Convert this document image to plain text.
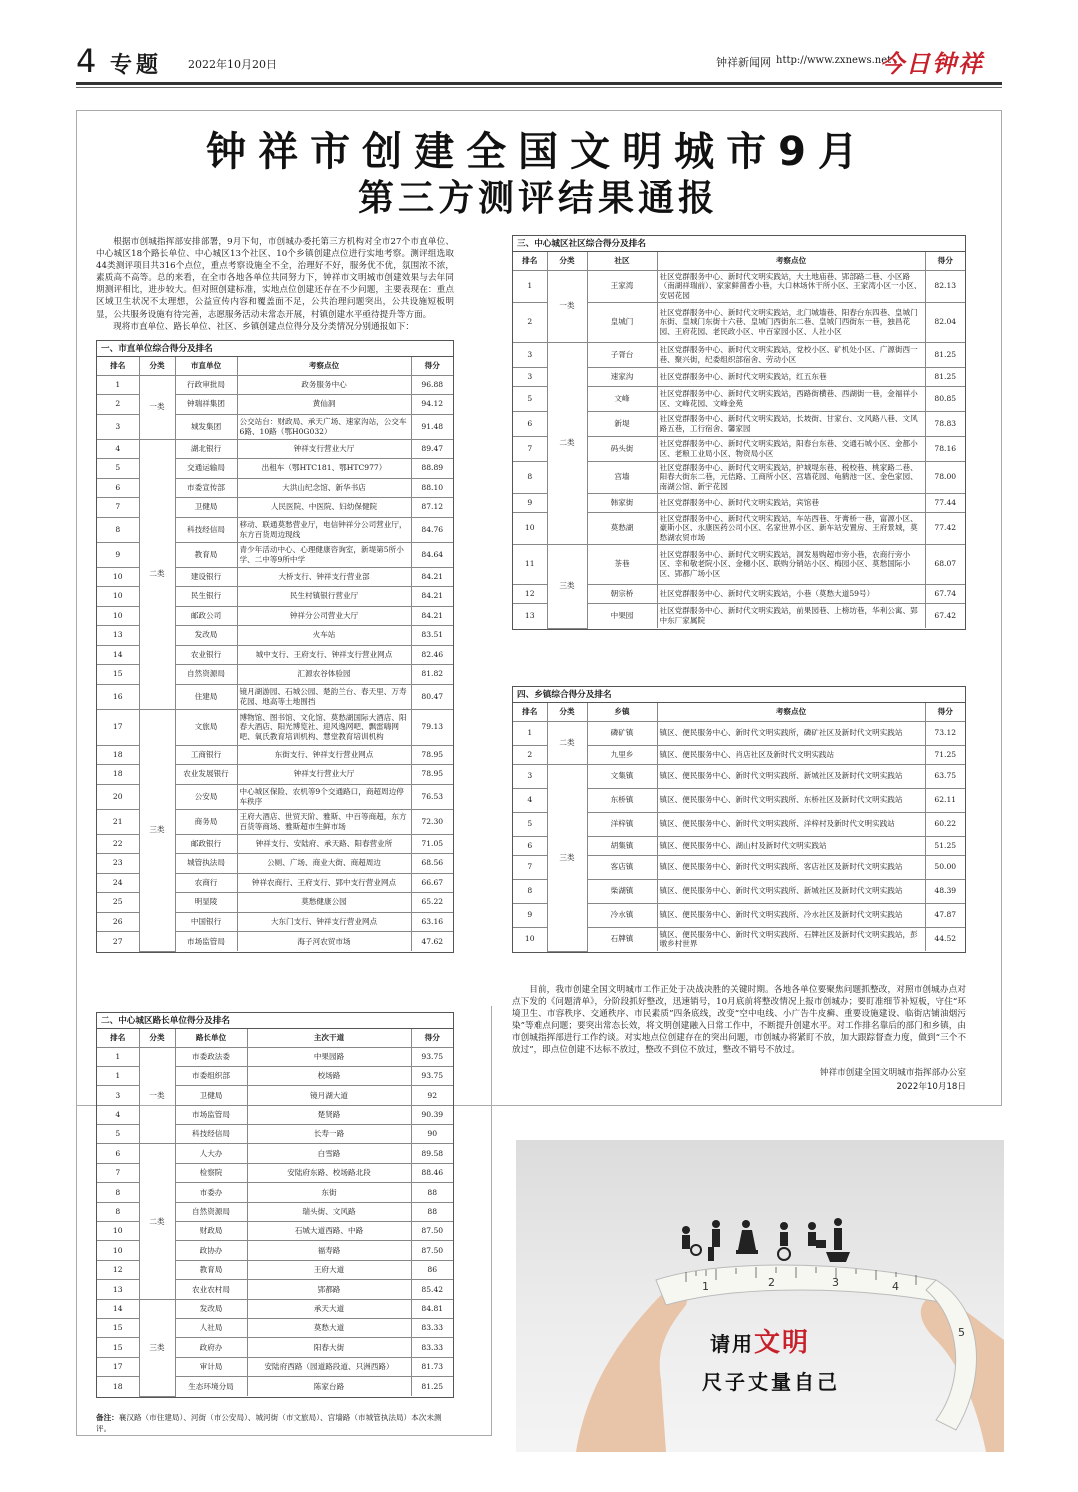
4 专题 2022年10月20日	钟祥新闻网 http://www.zxnews.net
今日钟祥
钟祥市创建全国文明城市9月
第三方测评结果通报

根据市创城指挥部安排部署，9月下旬，市创城办委托第三方机构对全市27个市直单位、中心城区18个路长单位、中心城区13个社区、10个乡镇创建点位进行实地考察。测评组选取44类测评项目共316个点位，重点考察设施全不全，治理好不好，服务优不优，氛围浓不浓，素质高不高等。总的来看，在全市各地各单位共同努力下，钟祥市文明城市创建效果与去年同期测评相比，进步较大。但对照创建标准，实地点位创建还存在不少问题，主要表现在：重点区域卫生状况不太理想，公益宣传内容和覆盖面不足，公共治理问题突出，公共设施短板明显，公共服务设施有待完善，志愿服务活动未常态开展，村镇创建水平亟待提升等方面。

现将市直单位、路长单位、社区、乡镇创建点位得分及分类情况分别通报如下：

一、市直单位综合得分及排名
排名	分类	市直单位	考察点位	得分
1	一类	行政审批局	政务服务中心	96.88
2		钟瑞祥集团	黄仙洞	94.12
3		城发集团	公交站台：财政局、承天广场、速家沟站，公交车6路、10路（鄂H0G032）	91.48
4	二类	湖北银行	钟祥支行营业大厅	89.47
5		交通运输局	出租车（鄂HTC181、鄂HTC977）	88.89
6		市委宣传部	大洪山纪念馆、新华书店	88.10
7		卫健局	人民医院、中医院、妇幼保健院	87.12
8		科技经信局	移动、联通莫愁营业厅，电信钟祥分公司营业厅，东方百货周边现线	84.76
9		教育局	青少年活动中心、心理健康咨询室，新堤第5所小学、二中等9所中学	84.64
10		建设银行	大桥支行、钟祥支行营业部	84.21
10		民生银行	民生村镇银行营业厅	84.21
10		邮政公司	钟祥分公司营业大厅	84.21
13		发改局	火车站	83.51
14		农业银行	城中支行、王府支行、钟祥支行营业网点	82.46
15		自然资源局	汇源农谷体验园	81.82
16		住建局	镜月湖游园、石城公园、楚韵兰台、春天里、万寿花园、地高等土地围挡	80.47
17	三类	文旅局	博物馆、图书馆、文化馆、莫愁湖国际大酒店、阳春大酒店、阳光博览社、迎风逸网吧、飘雷嗨网吧、氧氏教育培训机构、慧堂教育培训机构	79.13
18		工商银行	东街支行、钟祥支行营业网点	78.95
18		农业发展银行	钟祥支行营业大厅	78.95
20		公安局	中心城区保险、农机等9个交通路口，商超周边停车秩序	76.53
21		商务局	王府大酒店、世贸天阶、雅斯、中百等商超，东方百货等商场、雅斯超市生鲜市场	72.30
22		邮政银行	钟祥支行、安陆府、承天路、阳春营业所	71.05
23		城管执法局	公厕、广场、商业大街、商超周边	68.56
24		农商行	钟祥农商行、王府支行、郢中支行营业网点	66.67
25		明显陵	莫愁健康公园	65.22
26		中国银行	大东门支行、钟祥支行营业网点	63.16
27		市场监管局	海子河农贸市场	47.62
二、中心城区路长单位得分及排名
排名	分类	路长单位	主次干道	得分
1	一类	市委政法委	中果园路	93.75
1		市委组织部	校场路	93.75
3		卫健局	镜月湖大道	92
4		市场监管局	楚贤路	90.39
5		科技经信局	长寿一路	90
6	二类	人大办	白雪路	89.58
7		检察院	安陆府东路、校场路北段	88.46
8		市委办	东街	88
8		自然资源局	瑞头街、文风路	88
10		财政局	石城大道西路、中路	87.50
10		政协办	福寿路	87.50
12		教育局	王府大道	86
13		农业农村局	郢都路	85.42
14	三类	发改局	承天大道	84.81
15		人社局	莫愁大道	83.33
15		政府办	阳春大街	83.33
17		审计局	安陆府西路（园道路段道、只洲西路）	81.73
18		生态环境分局	陈家台路	81.25
备注：襄汉路（市住建局）、河街（市公安局）、城河街（市文旅局）、宫墙路（市城管执法局）本次未测评。
三、中心城区社区综合得分及排名
排名	分类	社区	考察点位	得分
1	一类	王家湾	社区党群服务中心、新时代文明实践站，大土地庙巷、郢部路二巷、小区路（南湖祥瑞前）、家家鲜菌香小巷，大口林场休干所小区、王家湾小区一小区、安居花园	82.13
2		皇城门	社区党群服务中心、新时代文明实践站，北门城墙巷、阳春台东四巷、皇城门东街、皇城门东街十六巷、皇城门西街东二巷、皇城门西街东一巷，独昌花园、王府花园、老民政小区、中百家园小区、人社小区	82.04
3	二类	子胥台	社区党群服务中心、新时代文明实践站，党校小区、矿机处小区、广源街西一巷、聚兴街，纪委组织部宿舍、劳动小区	81.25
3		速家沟	社区党群服务中心、新时代文明实践站，红五东巷	81.25
5		文峰	社区党群服务中心、新时代文明实践站，西路街横巷、西湖街一巷，金福祥小区、文峰花园、文峰金苑	80.85
6		新堤	社区党群服务中心、新时代文明实践站，长坡街、甘家台、文风路八巷、文风路五巷，工行宿舍、馨家园	78.83
7		码头街	社区党群服务中心、新时代文明实践站，阳春台东巷、交通石城小区、金都小区、老粮工业局小区、物资局小区	78.16
8		宫墙	社区党群服务中心、新时代文明实践站，护城堤东巷、税校巷、桃家路二巷、阳春大街东二巷，元佶路、工商所小区、宫墙花园、龟鹤池一区、金色家园、南湖公馆、新宇花园	78.00
9		韩家街	社区党群服务中心、新时代文明实践站，宾馆巷	77.44
10		莫愁湖	社区党群服务中心、新时代文明实践站，车站西巷、牙膏桥一巷，富源小区、豪斯小区、永康医药公司小区、名家世界小区、新车站安置房、王府景城，莫愁湖农贸市场	77.42
11	三类	茶巷	社区党群服务中心、新时代文明实践站，洞发易购超市旁小巷，农商行旁小区、幸和敬老院小区、金穗小区、联购分销站小区、梅园小区、莫愁国际小区、郢都广场小区	68.07
12		朝宗桥	社区党群服务中心、新时代文明实践站，小巷（莫愁大道59号）	67.74
13		中果园	社区党群服务中心、新时代文明实践站，前果园巷、上榜坊巷，华利公寓、郢中东厂家属院	67.42
四、乡镇综合得分及排名
排名	分类	乡镇	考察点位	得分
1	二类	磷矿镇	镇区、便民服务中心、新时代文明实践所，磷矿社区及新时代文明实践站	73.12
2		九里乡	镇区、便民服务中心、肖店社区及新时代文明实践站	71.25
3	三类	文集镇	镇区、便民服务中心、新时代文明实践所、新城社区及新时代文明实践站	63.75
4		东桥镇	镇区、便民服务中心、新时代文明实践所、东桥社区及新时代文明实践站	62.11
5		洋梓镇	镇区、便民服务中心、新时代文明实践所、洋梓村及新时代文明实践站	60.22
6		胡集镇	镇区、便民服务中心、湖山村及新时代文明实践站	51.25
7		客店镇	镇区、便民服务中心、新时代文明实践所、客店社区及新时代文明实践站	50.00
8		柴湖镇	镇区、便民服务中心、新时代文明实践所、新城社区及新时代文明实践站	48.39
9		冷水镇	镇区、便民服务中心、新时代文明实践所、冷水社区及新时代文明实践站	47.87
10		石牌镇	镇区、便民服务中心、新时代文明实践所、石牌社区及新时代文明实践站，彭墩乡村世界	44.52

目前，我市创建全国文明城市工作正处于决战决胜的关键时期。各地各单位要聚焦问题抓整改，对照市创城办点对点下发的《问题清单》，分阶段抓好整改，迅速销号，10月底前将整改情况上报市创城办；要盯准细节补短板，守住“环境卫生、市容秩序、交通秩序、市民素质”四条底线，改变“空中电线、小广告牛皮癣、重要设施建设、临街店铺油烟污染”等难点问题；要突出常态长效，将文明创建融入日常工作中，不断提升创建水平。对工作排名靠后的部门和乡镇，由市创城指挥部进行工作约谈。对实地点位创建存在的突出问题，市创城办将紧盯不放，加大跟踪督查力度，做到“三个不放过”，即点位创建不达标不放过，整改不到位不放过，整改不销号不放过。

钟祥市创建全国文明城市指挥部办公室
2022年10月18日
1	2	3	4
5
请用文明
尺子丈量自己
